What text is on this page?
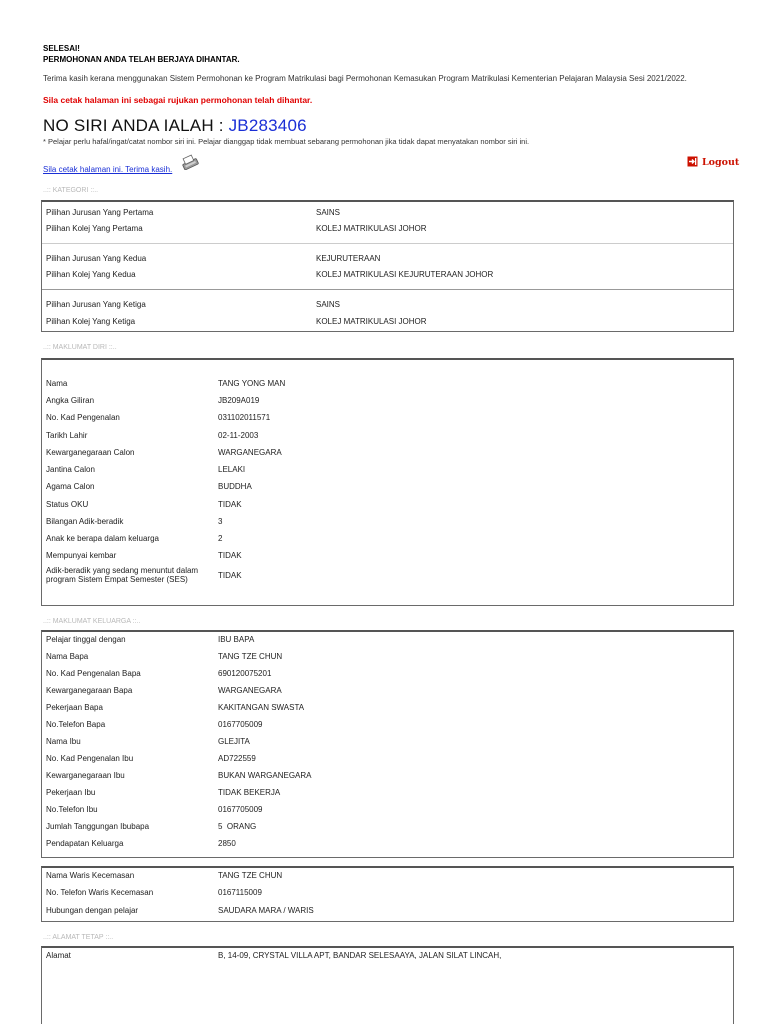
SELESAI!
PERMOHONAN ANDA TELAH BERJAYA DIHANTAR.
Terima kasih kerana menggunakan Sistem Permohonan ke Program Matrikulasi bagi Permohonan Kemasukan Program Matrikulasi Kementerian Pelajaran Malaysia Sesi 2021/2022.
Sila cetak halaman ini sebagai rujukan permohonan telah dihantar.
NO SIRI ANDA IALAH : JB283406
* Pelajar perlu hafal/ingat/catat nombor siri ini. Pelajar dianggap tidak membuat sebarang permohonan jika tidak dapat menyatakan nombor siri ini.
Sila cetak halaman ini. Terima kasih.
Logout
..:: KATEGORI ::..
Pilihan Jurusan Yang Pertama	SAINS
Pilihan Kolej Yang Pertama	KOLEJ MATRIKULASI JOHOR
Pilihan Jurusan Yang Kedua	KEJURUTERAAN
Pilihan Kolej Yang Kedua	KOLEJ MATRIKULASI KEJURUTERAAN JOHOR
Pilihan Jurusan Yang Ketiga	SAINS
Pilihan Kolej Yang Ketiga	KOLEJ MATRIKULASI JOHOR
..:: MAKLUMAT DIRI ::..
Nama	TANG YONG MAN
Angka Giliran	JB209A019
No. Kad Pengenalan	031102011571
Tarikh Lahir	02-11-2003
Kewarganegaraan Calon	WARGANEGARA
Jantina Calon	LELAKI
Agama Calon	BUDDHA
Status OKU	TIDAK
Bilangan Adik-beradik	3
Anak ke berapa dalam keluarga	2
Mempunyai kembar	TIDAK
Adik-beradik yang sedang menuntut dalam program Sistem Empat Semester (SES)	TIDAK
..:: MAKLUMAT KELUARGA ::..
Pelajar tinggal dengan	IBU BAPA
Nama Bapa	TANG TZE CHUN
No. Kad Pengenalan Bapa	690120075201
Kewarganegaraan Bapa	WARGANEGARA
Pekerjaan Bapa	KAKITANGAN SWASTA
No.Telefon Bapa	0167705009
Nama Ibu	GLEJITA
No. Kad Pengenalan Ibu	AD722559
Kewarganegaraan Ibu	BUKAN WARGANEGARA
Pekerjaan Ibu	TIDAK BEKERJA
No.Telefon Ibu	0167705009
Jumlah Tanggungan Ibubapa	5  ORANG
Pendapatan Keluarga	2850
Nama Waris Kecemasan	TANG TZE CHUN
No. Telefon Waris Kecemasan	0167115009
Hubungan dengan pelajar	SAUDARA MARA / WARIS
..:: ALAMAT TETAP ::..
Alamat	B, 14-09, CRYSTAL VILLA APT, BANDAR SELESAAYA, JALAN SILAT LINCAH,
